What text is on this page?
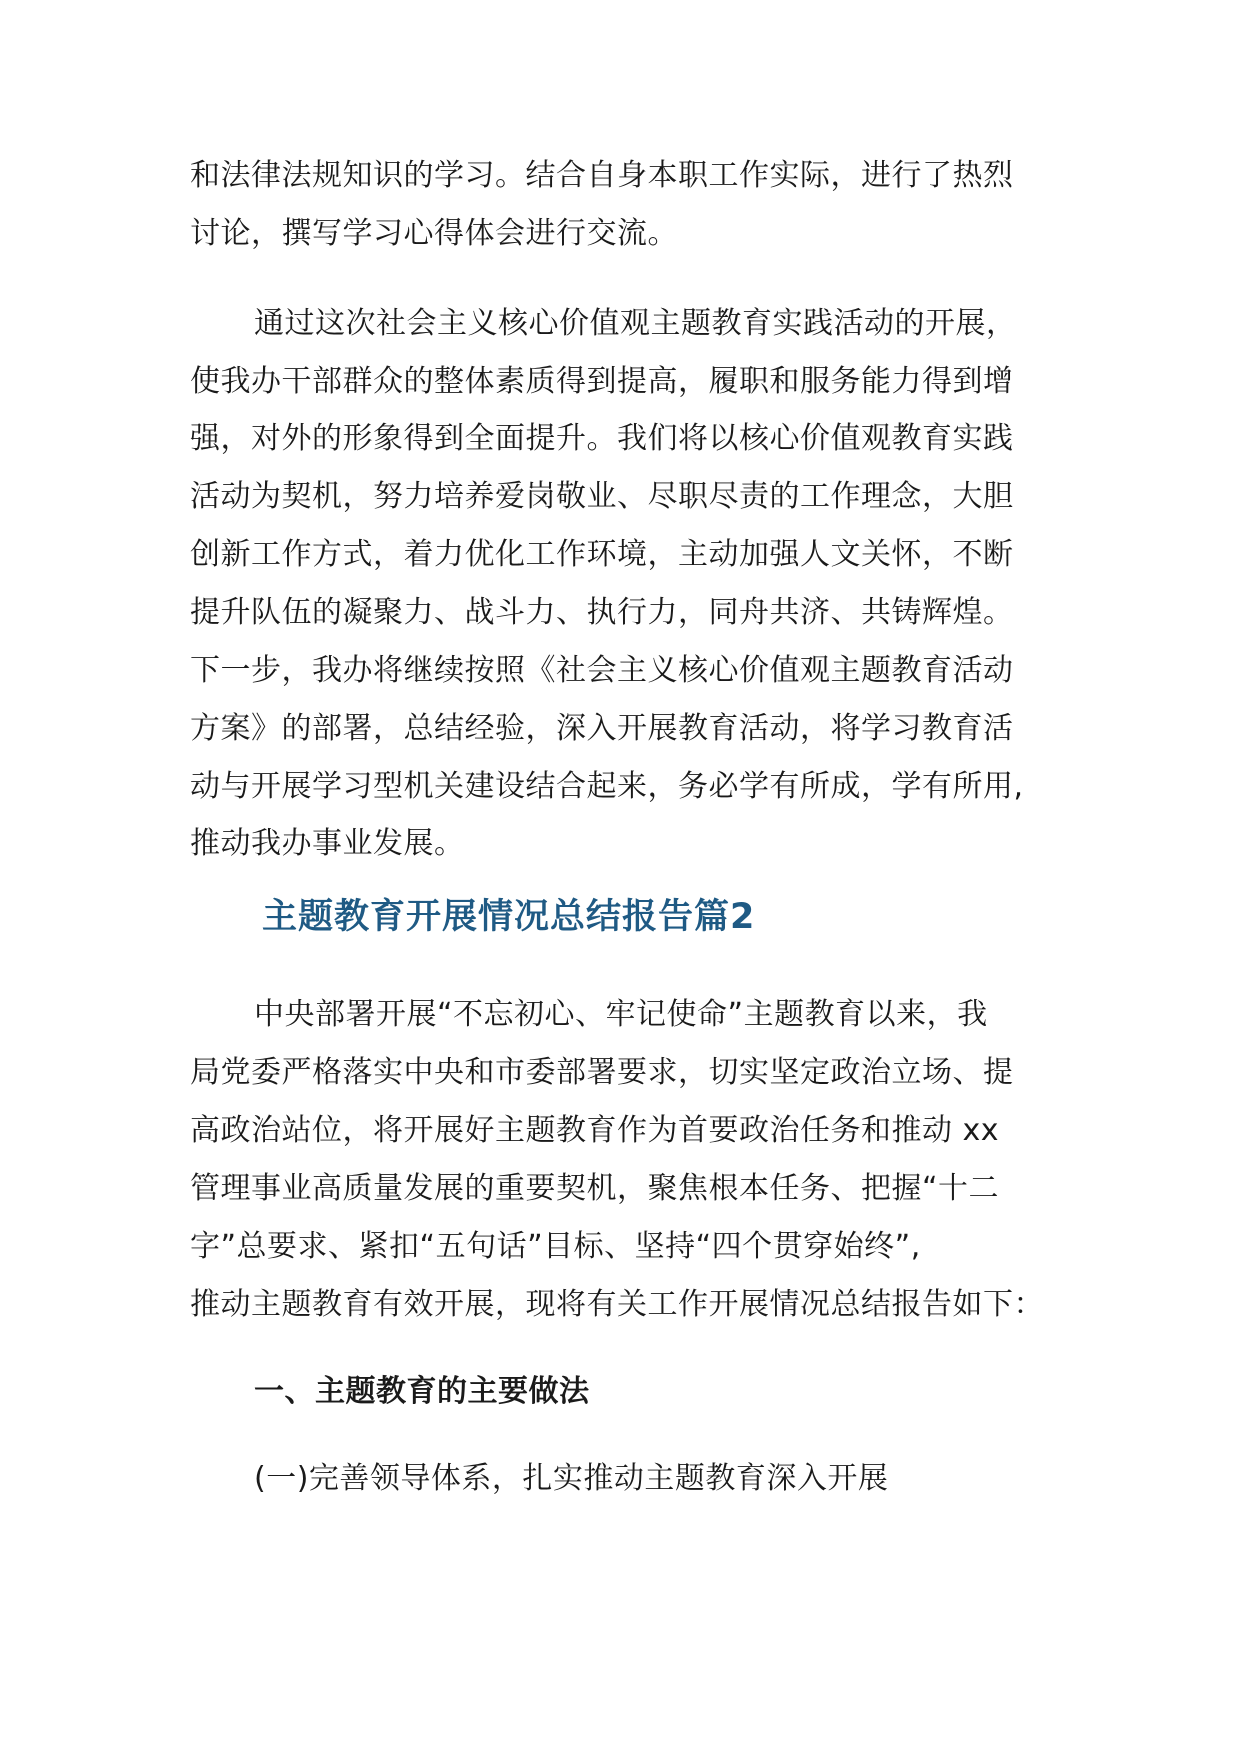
和法律法规知识的学习。结合自身本职工作实际，进行了热烈
讨论，撰写学习心得体会进行交流。
通过这次社会主义核心价值观主题教育实践活动的开展，
使我办干部群众的整体素质得到提高，履职和服务能力得到增
强，对外的形象得到全面提升。我们将以核心价值观教育实践
活动为契机，努力培养爱岗敬业、尽职尽责的工作理念，大胆
创新工作方式，着力优化工作环境，主动加强人文关怀，不断
提升队伍的凝聚力、战斗力、执行力，同舟共济、共铸辉煌。
下一步，我办将继续按照《社会主义核心价值观主题教育活动
方案》的部署，总结经验，深入开展教育活动，将学习教育活
动与开展学习型机关建设结合起来，务必学有所成，学有所用,
推动我办事业发展。
主题教育开展情况总结报告篇2
中央部署开展“不忘初心、牢记使命”主题教育以来，我
局党委严格落实中央和市委部署要求，切实坚定政治立场、提
高政治站位，将开展好主题教育作为首要政治任务和推动 xx
管理事业高质量发展的重要契机，聚焦根本任务、把握“十二
字”总要求、紧扣“五句话”目标、坚持“四个贯穿始终”,
推动主题教育有效开展，现将有关工作开展情况总结报告如下：
一、主题教育的主要做法
(一)完善领导体系，扎实推动主题教育深入开展
